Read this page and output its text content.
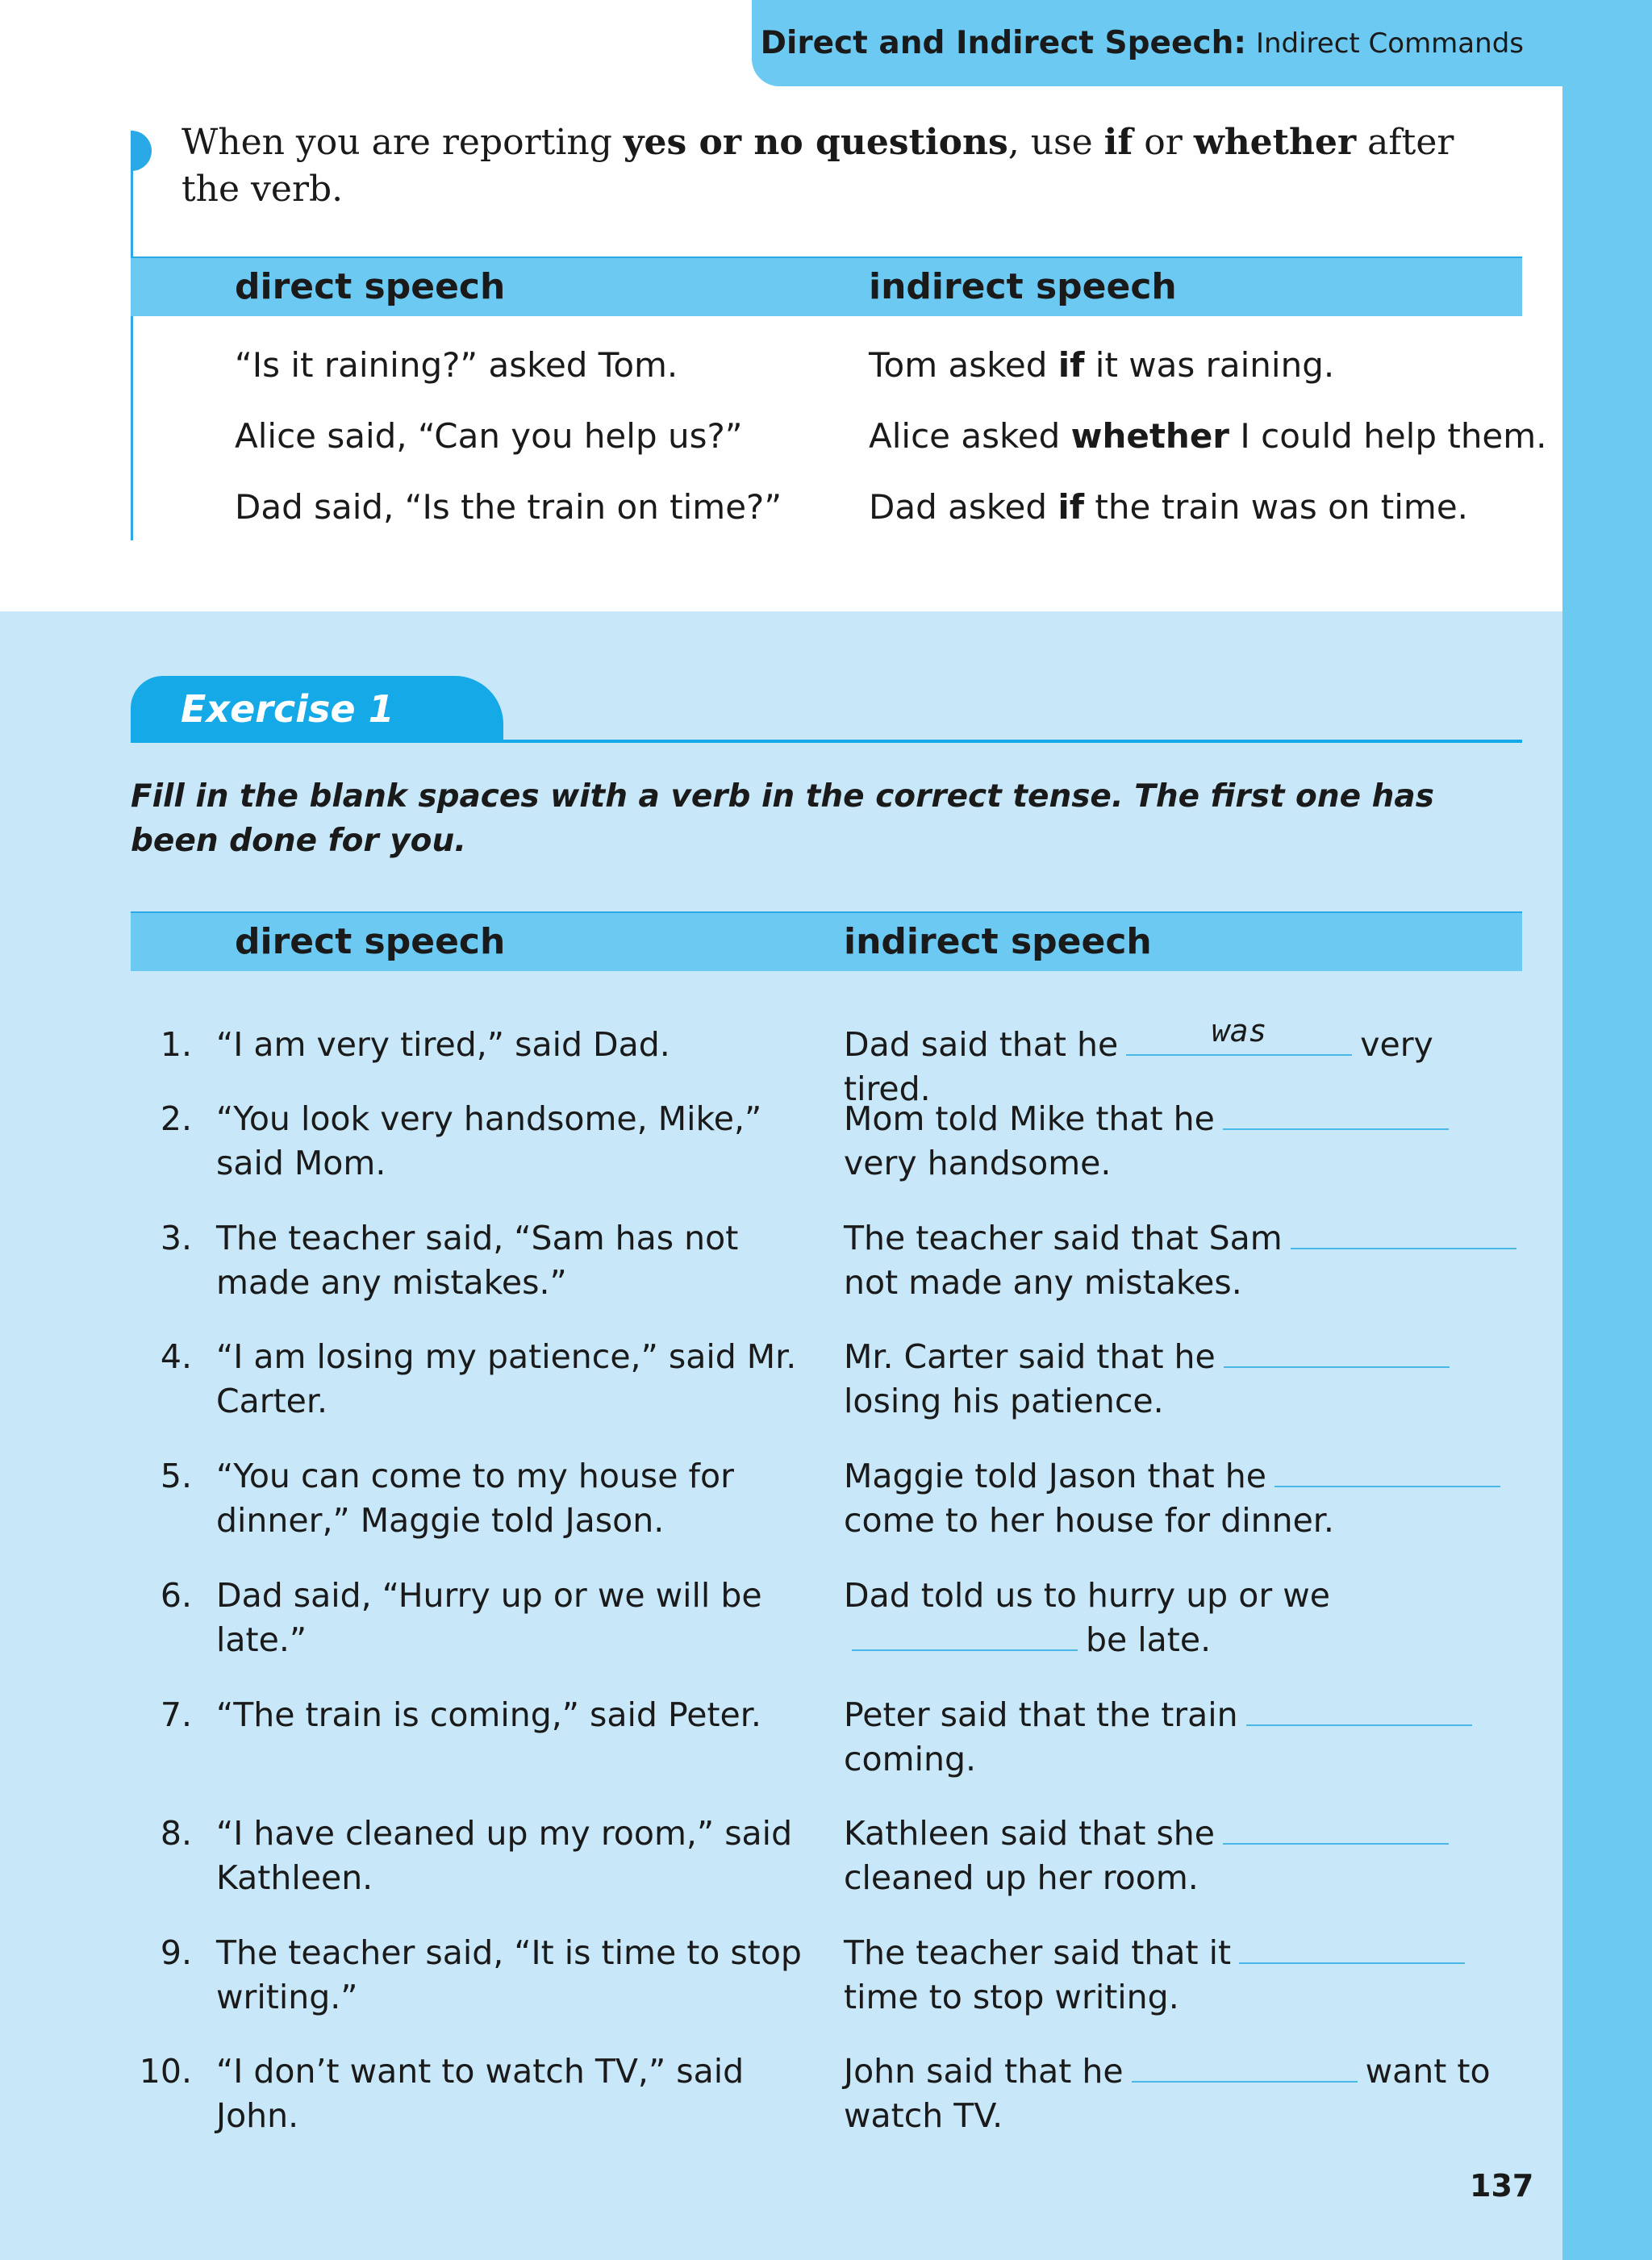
Direct and Indirect Speech: Indirect Commands
When you are reporting yes or no questions, use if or whether after the verb.
direct speech	indirect speech
“Is it raining?” asked Tom.	Tom asked if it was raining.
Alice said, “Can you help us?”	Alice asked whether I could help them.
Dad said, “Is the train on time?”	Dad asked if the train was on time.
Exercise 1
Fill in the blank spaces with a verb in the correct tense. The first one has been done for you.
direct speech	indirect speech
1. “I am very tired,” said Dad.	Dad said that he	was	very tired.
2. “You look very handsome, Mike,” said Mom.
Mom told Mike that he
very handsome.
3. The teacher said, “Sam has not made any mistakes.”
The teacher said that Sam
not made any mistakes.
4. “I am losing my patience,” said Mr. Carter.
Mr. Carter said that he
losing his patience.
5. “You can come to my house for dinner,” Maggie told Jason.
Maggie told Jason that he
come to her house for dinner.
6. Dad said, “Hurry up or we will be late.”
Dad told us to hurry up or we
be late.
7. “The train is coming,” said Peter.	Peter said that the train
coming.
8. “I have cleaned up my room,” said Kathleen.
Kathleen said that she
cleaned up her room.
9. The teacher said, “It is time to stop writing.”
The teacher said that it
time to stop writing.
10. “I don’t want to watch TV,” said John.
John said that he	want to watch TV.
137
